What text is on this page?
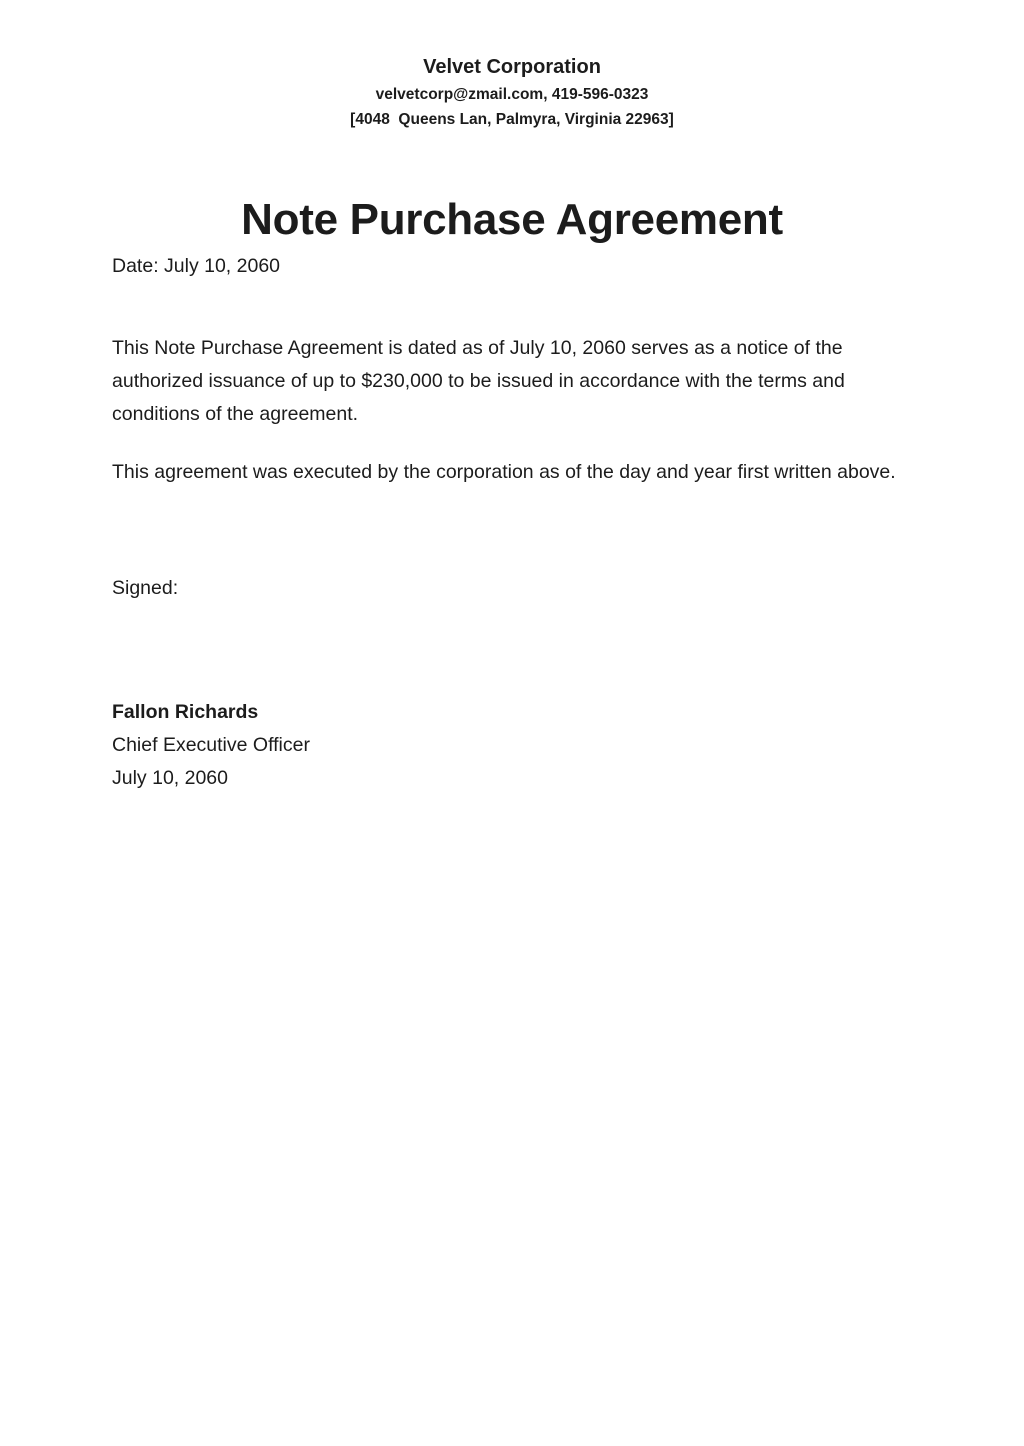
Velvet Corporation
velvetcorp@zmail.com, 419-596-0323
[4048  Queens Lan, Palmyra, Virginia 22963]
Note Purchase Agreement

Date: July 10, 2060

This Note Purchase Agreement is dated as of July 10, 2060 serves as a notice of the authorized issuance of up to $230,000 to be issued in accordance with the terms and conditions of the agreement.

This agreement was executed by the corporation as of the day and year first written above.

Signed:

Fallon Richards

Chief Executive Officer

July 10, 2060
